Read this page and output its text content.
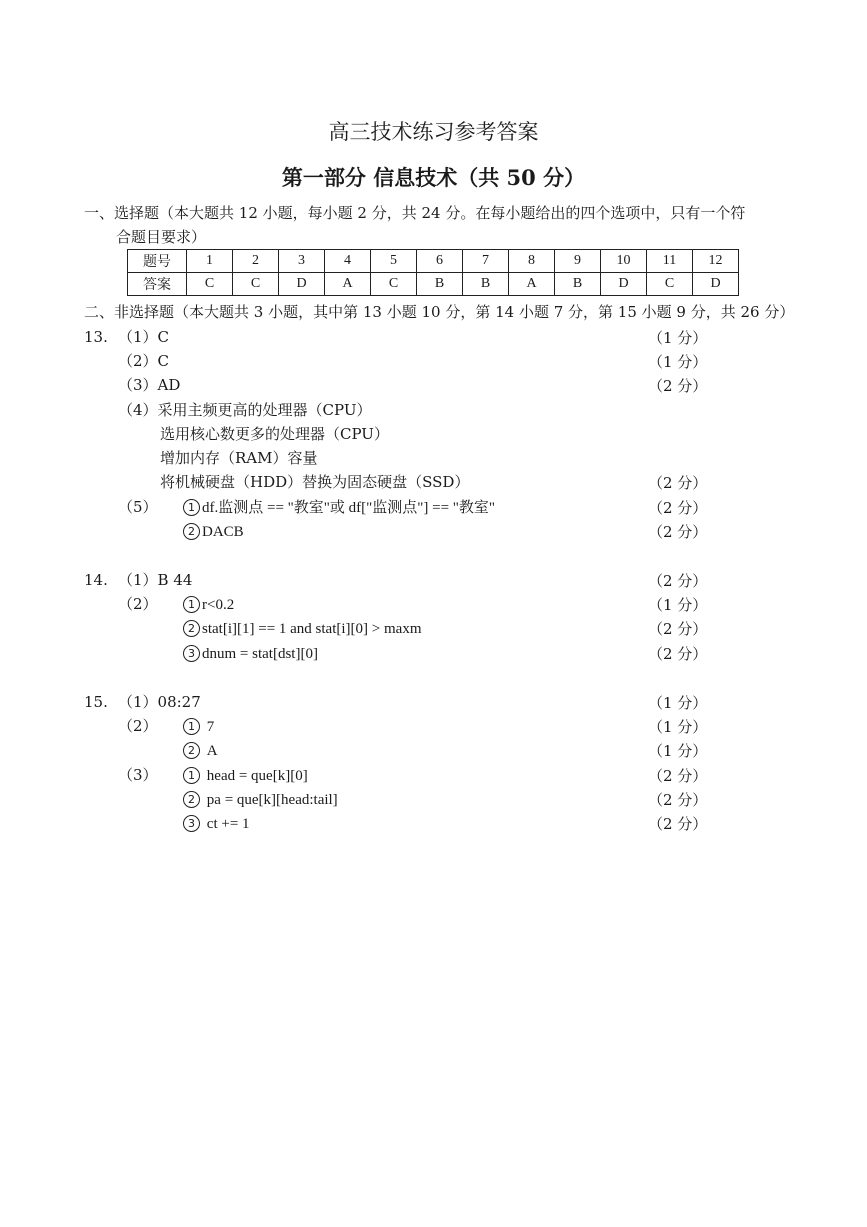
高三技术练习参考答案
第一部分 信息技术（共 50 分）
一、选择题（本大题共 12 小题，每小题 2 分，共 24 分。在每小题给出的四个选项中，只有一个符
合题目要求）
题号	1	2	3	4	5	6	7	8	9	10	11	12
答案	C	C	D	A	C	B	B	A	B	D	C	D
二、非选择题（本大题共 3 小题，其中第 13 小题 10 分，第 14 小题 7 分，第 15 小题 9 分，共 26 分）
13. （1）C	（1 分）
（2）C	（1 分）
（3）AD	（2 分）
（4）采用主频更高的处理器（CPU）
选用核心数更多的处理器（CPU）
增加内存（RAM）容量
将机械硬盘（HDD）替换为固态硬盘（SSD）	（2 分）
（5）	1 df.监测点 == "教室"或 df["监测点"] == "教室"	（2 分）
2 DACB	（2 分）
14. （1）B 44	（2 分）
（2）	1 r<0.2	（1 分）
2 stat[i][1] == 1 and stat[i][0] > maxm	（2 分）
3 dnum = stat[dst][0]	（2 分）
15. （1）08:27	（1 分）
（2）	1 7	（1 分）
2 A	（1 分）
（3）	1 head = que[k][0]	（2 分）
2 pa = que[k][head:tail]	（2 分）
3 ct += 1	（2 分）
